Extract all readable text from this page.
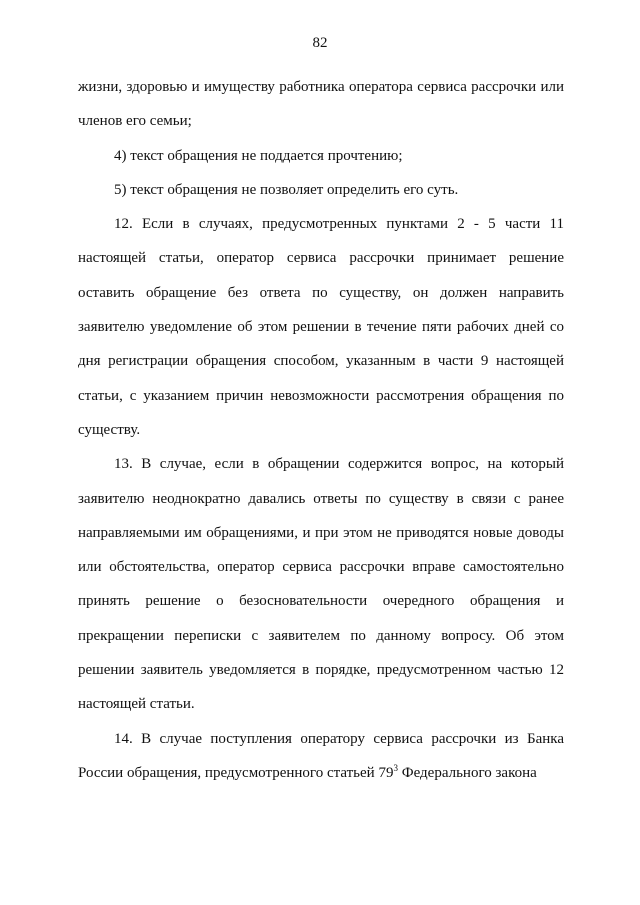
82

жизни, здоровью и имуществу работника оператора сервиса рассрочки или членов его семьи;

4) текст обращения не поддается прочтению;

5) текст обращения не позволяет определить его суть.

12. Если в случаях, предусмотренных пунктами 2 - 5 части 11 настоящей статьи, оператор сервиса рассрочки принимает решение оставить обращение без ответа по существу, он должен направить заявителю уведомление об этом решении в течение пяти рабочих дней со дня регистрации обращения способом, указанным в части 9 настоящей статьи, с указанием причин невозможности рассмотрения обращения по существу.

13. В случае, если в обращении содержится вопрос, на который заявителю неоднократно давались ответы по существу в связи с ранее направляемыми им обращениями, и при этом не приводятся новые доводы или обстоятельства, оператор сервиса рассрочки вправе самостоятельно принять решение о безосновательности очередного обращения и прекращении переписки с заявителем по данному вопросу. Об этом решении заявитель уведомляется в порядке, предусмотренном частью 12 настоящей статьи.

14. В случае поступления оператору сервиса рассрочки из Банка России обращения, предусмотренного статьей $79^3$ Федерального закона
